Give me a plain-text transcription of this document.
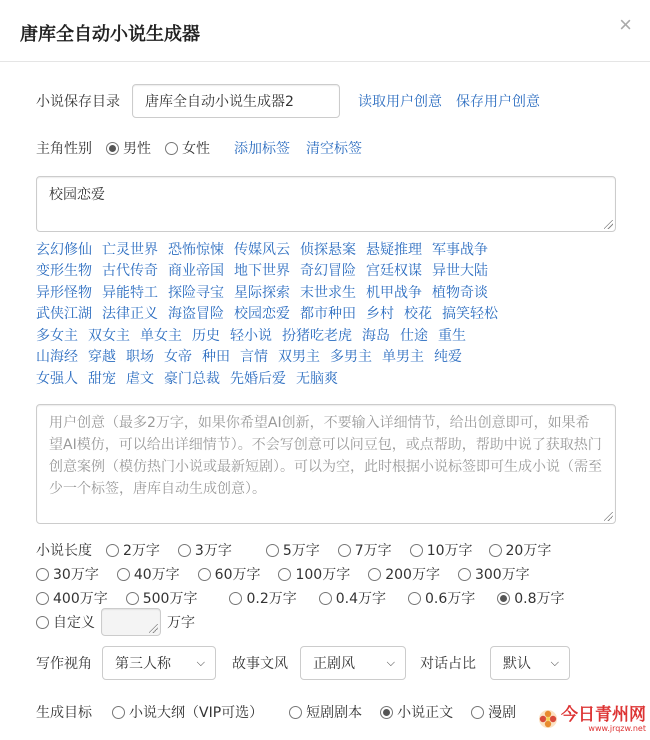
唐库全自动小说生成器	×
小说保存目录	唐库全自动小说生成器2	读取用户创意 保存用户创意
主角性别 男性 女性 添加标签 清空标签
校园恋爱
玄幻修仙 亡灵世界 恐怖惊悚 传媒风云 侦探悬案 悬疑推理 军事战争
变形生物 古代传奇 商业帝国 地下世界 奇幻冒险 宫廷权谋 异世大陆
异形怪物 异能特工 探险寻宝 星际探索 末世求生 机甲战争 植物奇谈
武侠江湖 法律正义 海盗冒险 校园恋爱 都市种田 乡村 校花 搞笑轻松
多女主 双女主 单女主 历史 轻小说 扮猪吃老虎 海岛 仕途 重生
山海经 穿越 职场 女帝 种田 言情 双男主 多男主 单男主 纯爱
女强人 甜宠 虐文 豪门总裁 先婚后爱 无脑爽
用户创意（最多2万字，如果你希望AI创新，不要输入详细情节，给出创意即可，如果希望AI模仿，可以给出详细情节）。不会写创意可以问豆包，或点帮助，帮助中说了获取热门创意案例（模仿热门小说或最新短剧）。可以为空，此时根据小说标签即可生成小说（需至少一个标签，唐库自动生成创意）。
小说长度 2万字	3万字	5万字	7万字	10万字 20万字
30万字	40万字	60万字	100万字	200万字	300万字
400万字	500万字	0.2万字	0.4万字	0.6万字	0.8万字
自定义	万字
写作视角 第三人称 ⌵ 故事文风 正剧风	⌵ 对话占比 默认 ⌵
生成目标	小说大纲（VIP可选）	短剧剧本	小说正文	漫剧	今日青州网
www.jrqzw.net
